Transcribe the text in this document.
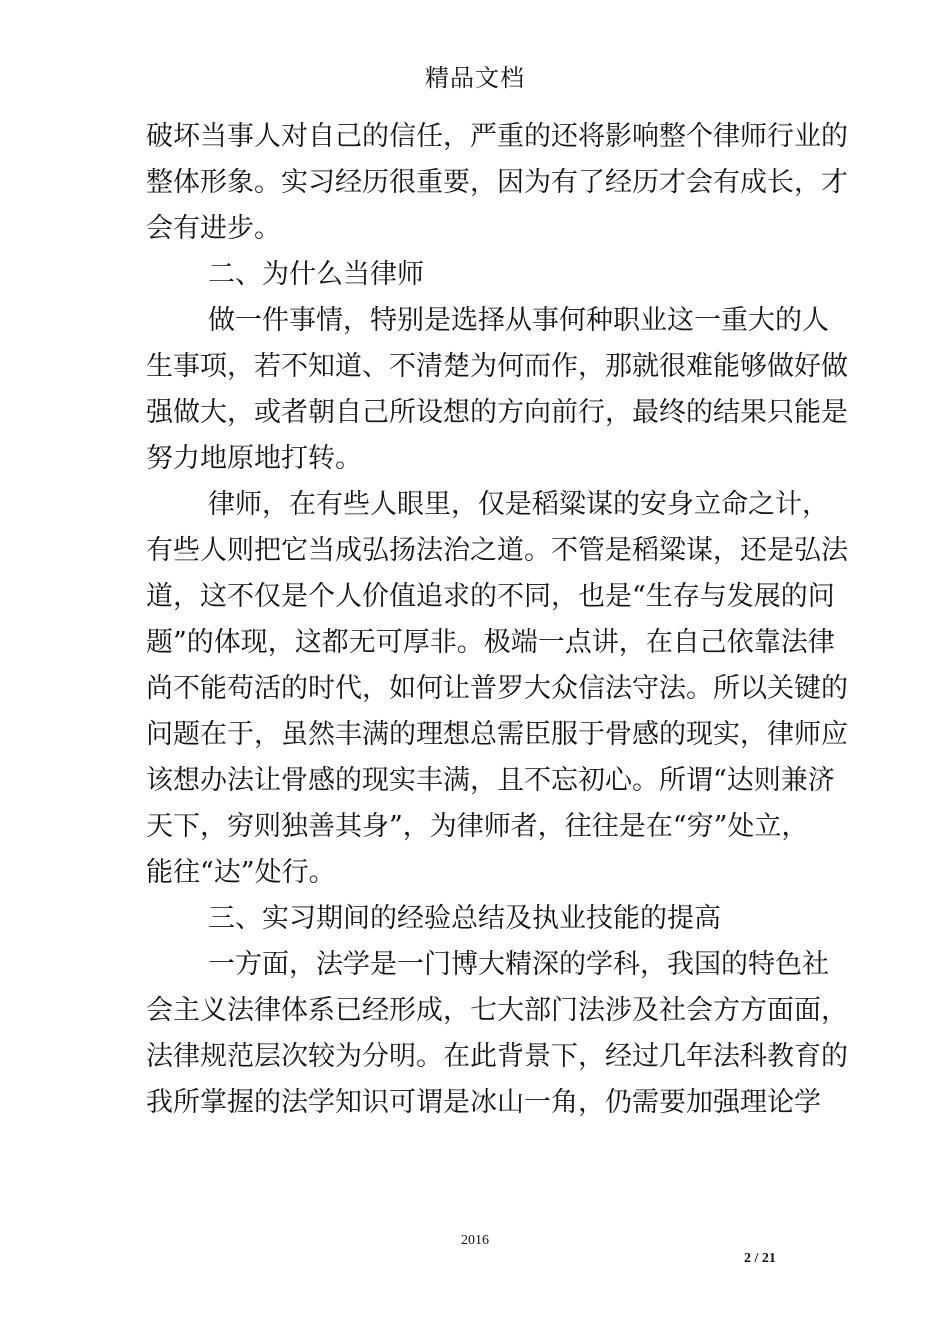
精品文档
破坏当事人对自己的信任，严重的还将影响整个律师行业的
整体形象。实习经历很重要，因为有了经历才会有成长，才
会有进步。
二、为什么当律师
做一件事情，特别是选择从事何种职业这一重大的人
生事项，若不知道、不清楚为何而作，那就很难能够做好做
强做大，或者朝自己所设想的方向前行，最终的结果只能是
努力地原地打转。
律师，在有些人眼里，仅是稻粱谋的安身立命之计，
有些人则把它当成弘扬法治之道。不管是稻粱谋，还是弘法
道，这不仅是个人价值追求的不同，也是“生存与发展的问
题”的体现，这都无可厚非。极端一点讲，在自己依靠法律
尚不能苟活的时代，如何让普罗大众信法守法。所以关键的
问题在于，虽然丰满的理想总需臣服于骨感的现实，律师应
该想办法让骨感的现实丰满，且不忘初心。所谓“达则兼济
天下，穷则独善其身”，为律师者，往往是在“穷”处立，
能往“达”处行。
三、实习期间的经验总结及执业技能的提高
一方面，法学是一门博大精深的学科，我国的特色社
会主义法律体系已经形成，七大部门法涉及社会方方面面，
法律规范层次较为分明。在此背景下，经过几年法科教育的
我所掌握的法学知识可谓是冰山一角，仍需要加强理论学
2016
2 / 21
